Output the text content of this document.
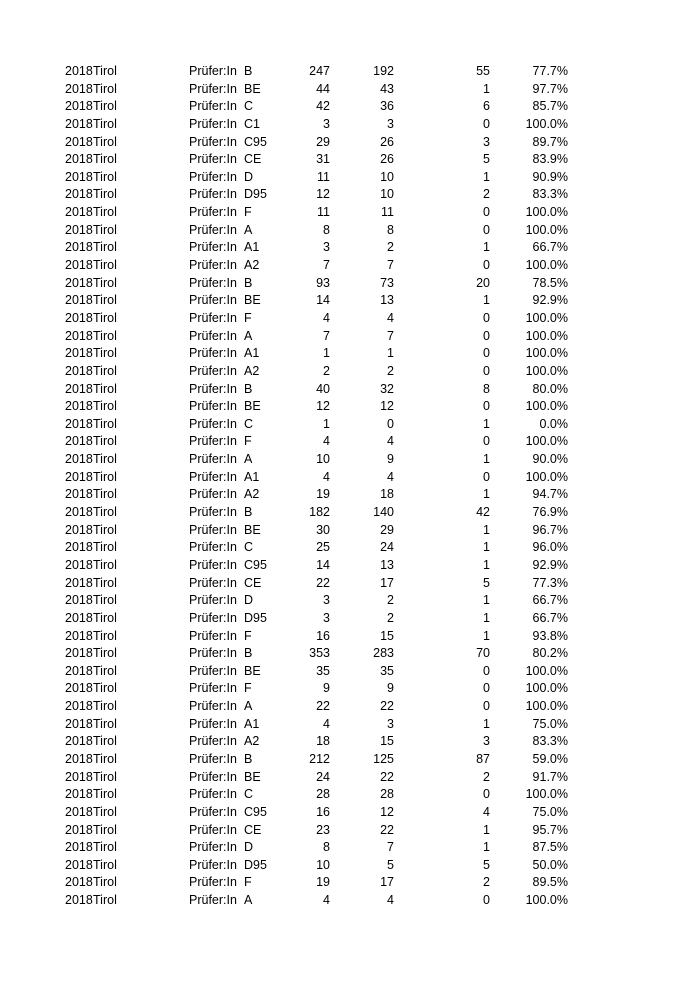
2018 Tirol	Prüfer:In B	247	192	55	77.7%
2018 Tirol	Prüfer:In BE	44	43	1	97.7%
2018 Tirol	Prüfer:In C	42	36	6	85.7%
2018 Tirol	Prüfer:In C1	3	3	0	100.0%
2018 Tirol	Prüfer:In C95	29	26	3	89.7%
2018 Tirol	Prüfer:In CE	31	26	5	83.9%
2018 Tirol	Prüfer:In D	11	10	1	90.9%
2018 Tirol	Prüfer:In D95	12	10	2	83.3%
2018 Tirol	Prüfer:In F	11	11	0	100.0%
2018 Tirol	Prüfer:In A	8	8	0	100.0%
2018 Tirol	Prüfer:In A1	3	2	1	66.7%
2018 Tirol	Prüfer:In A2	7	7	0	100.0%
2018 Tirol	Prüfer:In B	93	73	20	78.5%
2018 Tirol	Prüfer:In BE	14	13	1	92.9%
2018 Tirol	Prüfer:In F	4	4	0	100.0%
2018 Tirol	Prüfer:In A	7	7	0	100.0%
2018 Tirol	Prüfer:In A1	1	1	0	100.0%
2018 Tirol	Prüfer:In A2	2	2	0	100.0%
2018 Tirol	Prüfer:In B	40	32	8	80.0%
2018 Tirol	Prüfer:In BE	12	12	0	100.0%
2018 Tirol	Prüfer:In C	1	0	1	0.0%
2018 Tirol	Prüfer:In F	4	4	0	100.0%
2018 Tirol	Prüfer:In A	10	9	1	90.0%
2018 Tirol	Prüfer:In A1	4	4	0	100.0%
2018 Tirol	Prüfer:In A2	19	18	1	94.7%
2018 Tirol	Prüfer:In B	182	140	42	76.9%
2018 Tirol	Prüfer:In BE	30	29	1	96.7%
2018 Tirol	Prüfer:In C	25	24	1	96.0%
2018 Tirol	Prüfer:In C95	14	13	1	92.9%
2018 Tirol	Prüfer:In CE	22	17	5	77.3%
2018 Tirol	Prüfer:In D	3	2	1	66.7%
2018 Tirol	Prüfer:In D95	3	2	1	66.7%
2018 Tirol	Prüfer:In F	16	15	1	93.8%
2018 Tirol	Prüfer:In B	353	283	70	80.2%
2018 Tirol	Prüfer:In BE	35	35	0	100.0%
2018 Tirol	Prüfer:In F	9	9	0	100.0%
2018 Tirol	Prüfer:In A	22	22	0	100.0%
2018 Tirol	Prüfer:In A1	4	3	1	75.0%
2018 Tirol	Prüfer:In A2	18	15	3	83.3%
2018 Tirol	Prüfer:In B	212	125	87	59.0%
2018 Tirol	Prüfer:In BE	24	22	2	91.7%
2018 Tirol	Prüfer:In C	28	28	0	100.0%
2018 Tirol	Prüfer:In C95	16	12	4	75.0%
2018 Tirol	Prüfer:In CE	23	22	1	95.7%
2018 Tirol	Prüfer:In D	8	7	1	87.5%
2018 Tirol	Prüfer:In D95	10	5	5	50.0%
2018 Tirol	Prüfer:In F	19	17	2	89.5%
2018 Tirol	Prüfer:In A	4	4	0	100.0%
